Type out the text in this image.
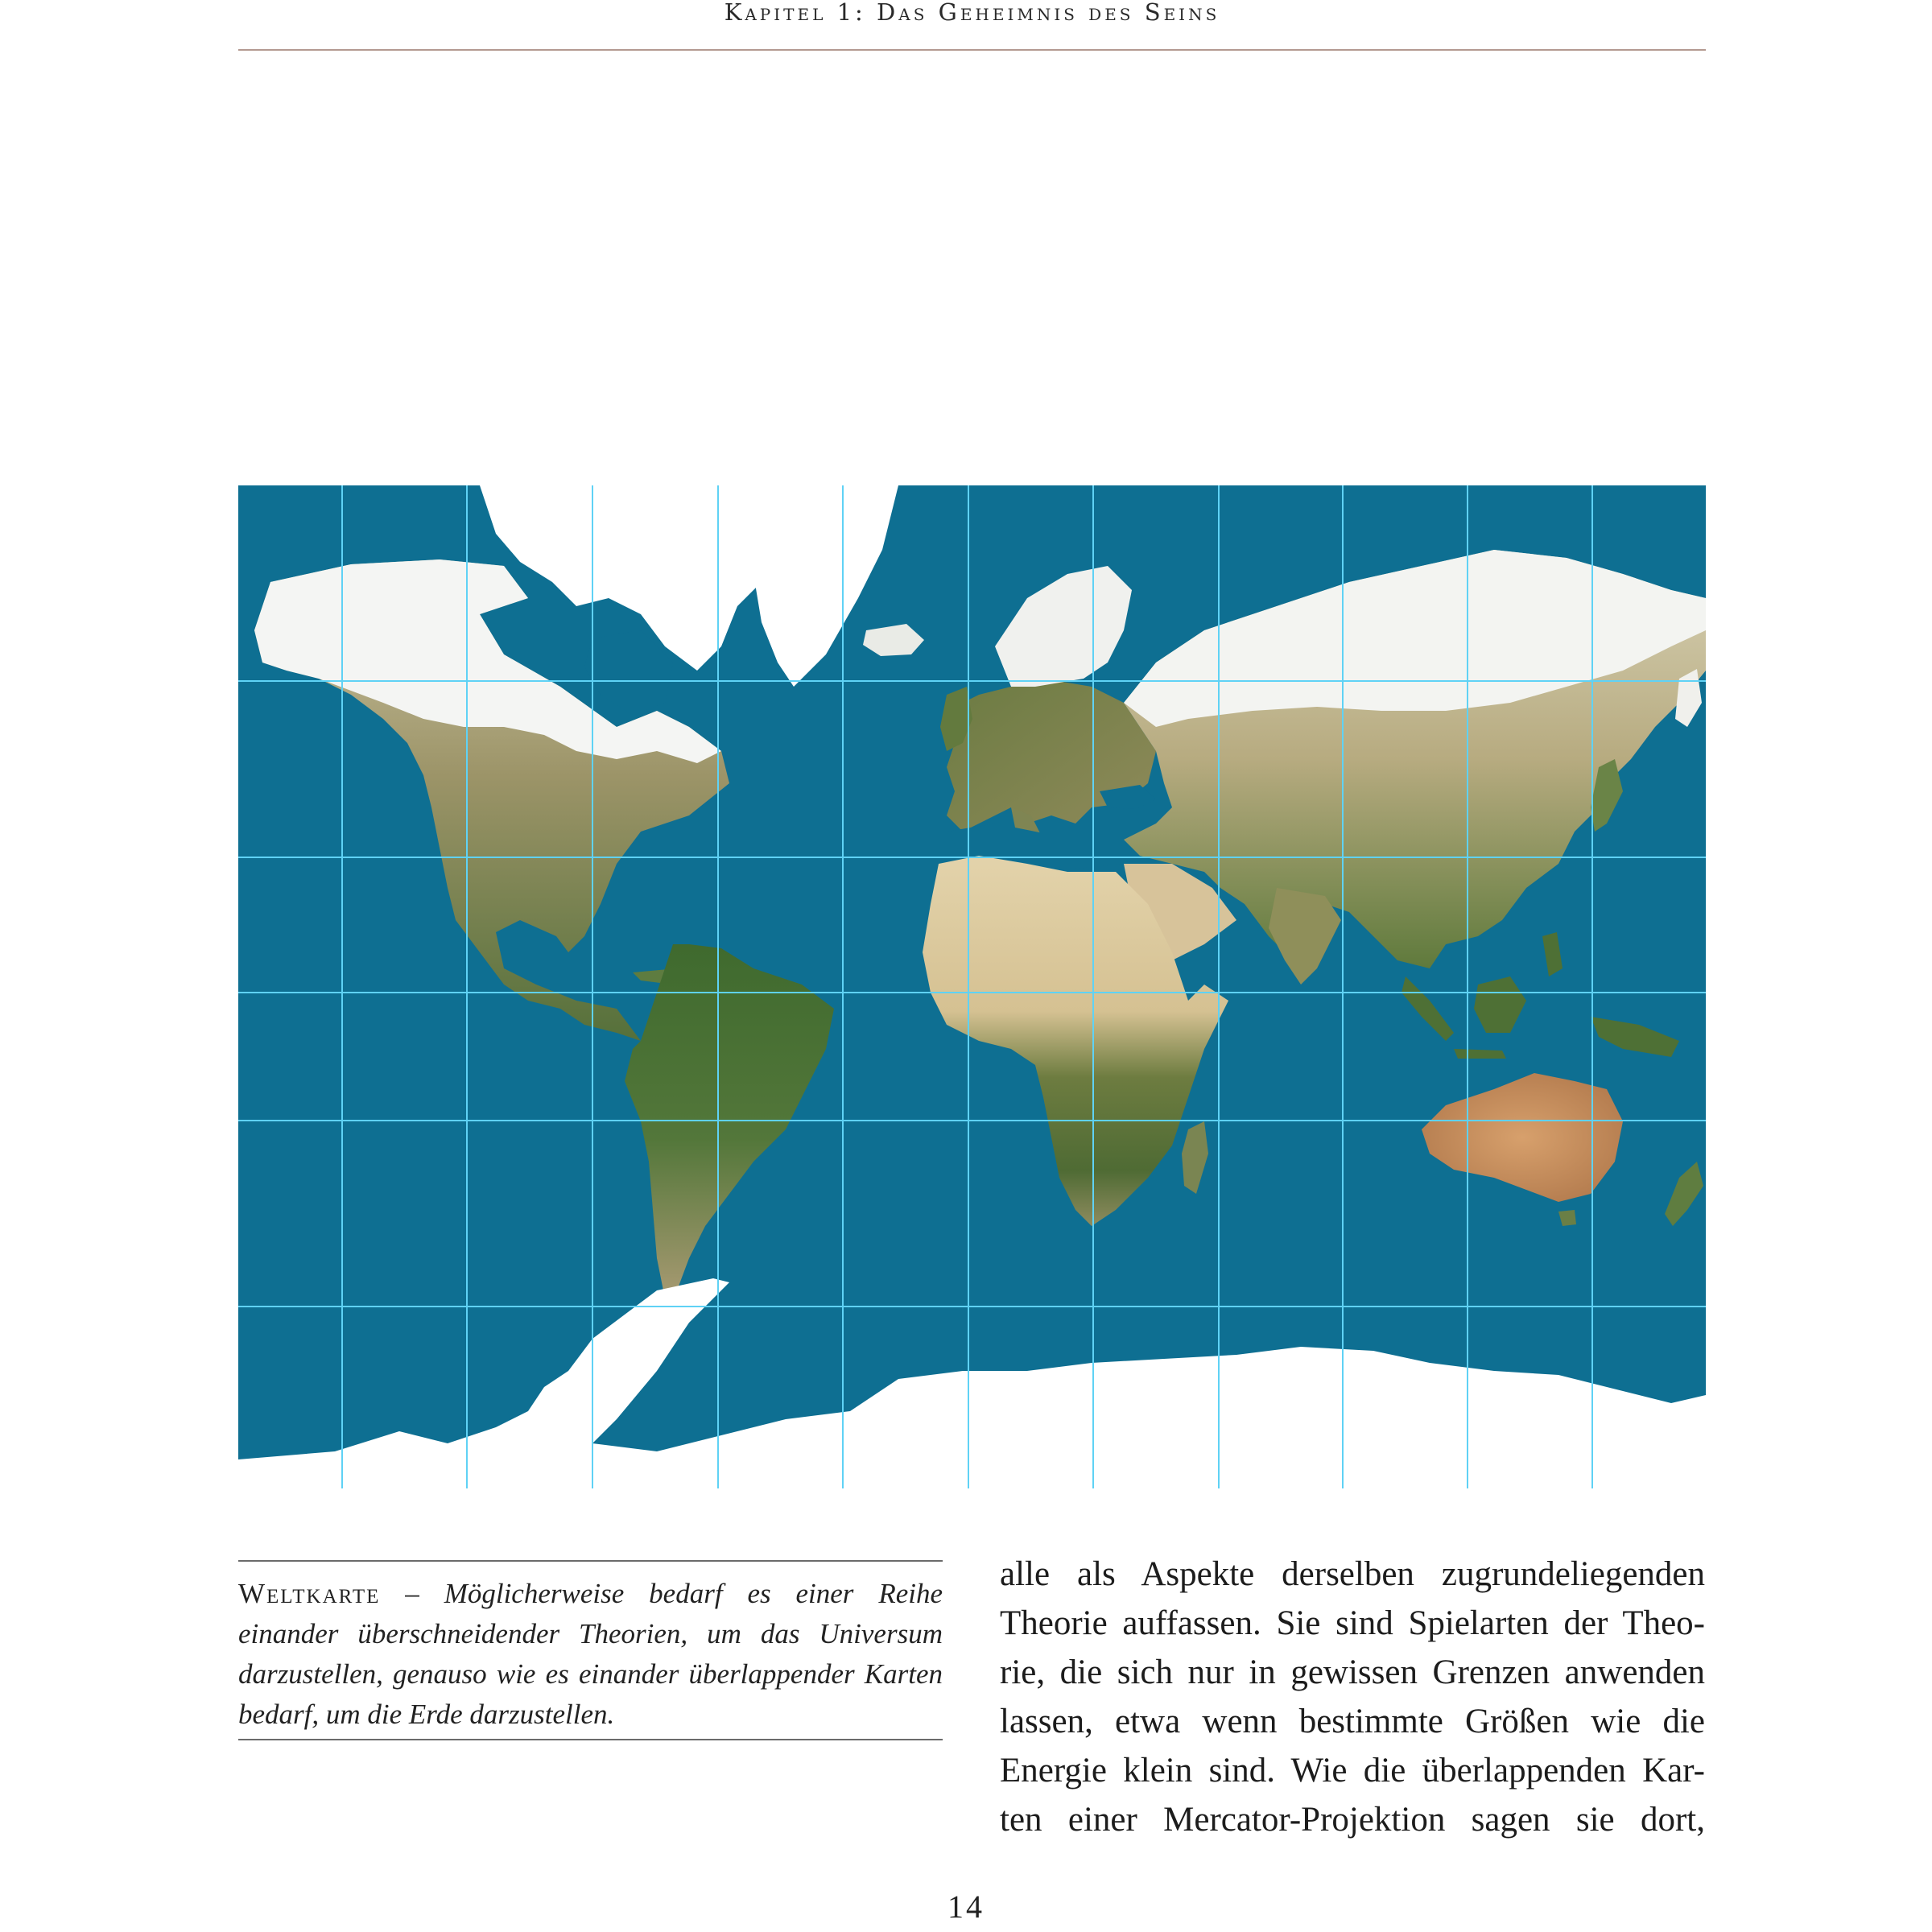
Kapitel 1: Das Geheimnis des Seins
Weltkarte – Möglicherweise bedarf es einer Reihe einander überschneidender Theorien, um das Universum darzustellen, genauso wie es einander überlappender Karten bedarf, um die Erde darzustellen.
alle als Aspekte derselben zugrundeliegenden
Theorie auffassen. Sie sind Spielarten der Theo-
rie, die sich nur in gewissen Grenzen anwenden
lassen, etwa wenn bestimmte Größen wie die
Energie klein sind. Wie die überlappenden Kar-
ten einer Mercator-Projektion sagen sie dort,
14
